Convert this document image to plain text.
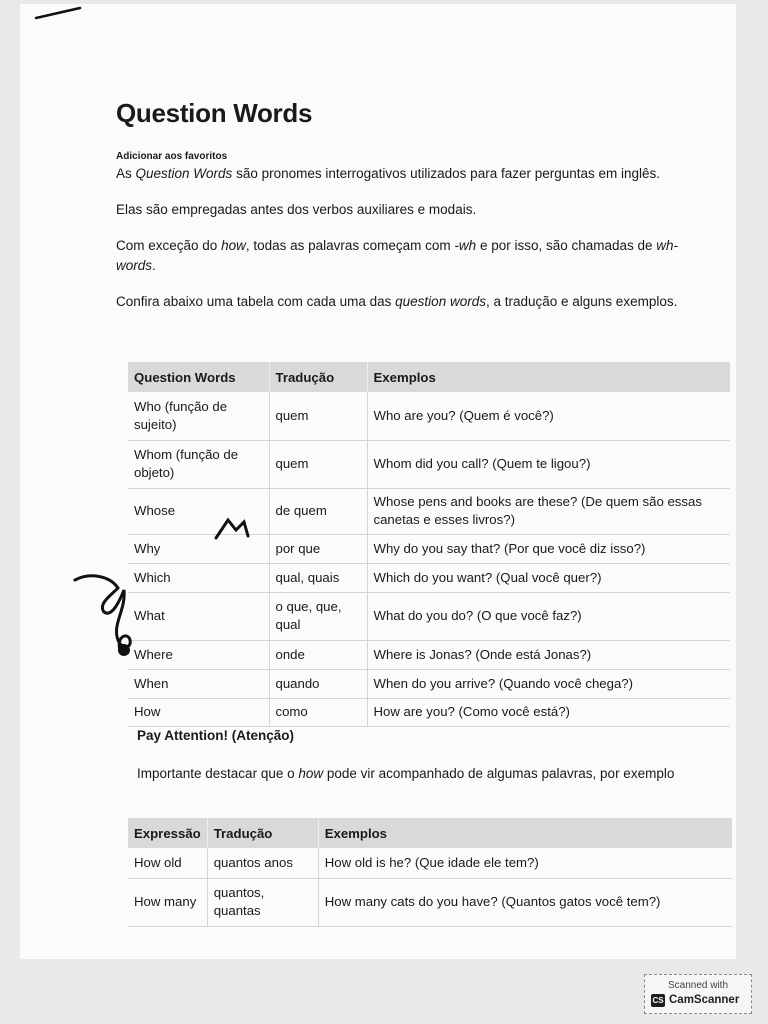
Question Words
Adicionar aos favoritos

As Question Words são pronomes interrogativos utilizados para fazer perguntas em inglês.

Elas são empregadas antes dos verbos auxiliares e modais.

Com exceção do how, todas as palavras começam com -wh e por isso, são chamadas de wh-words.

Confira abaixo uma tabela com cada uma das question words, a tradução e alguns exemplos.

Question Words	Tradução	Exemplos
Who (função de sujeito)	quem	Who are you? (Quem é você?)
Whom (função de objeto)	quem	Whom did you call? (Quem te ligou?)
Whose	de quem	Whose pens and books are these? (De quem são essas canetas e esses livros?)
Why	por que	Why do you say that? (Por que você diz isso?)
Which	qual, quais	Which do you want? (Qual você quer?)
What	o que, que, qual	What do you do? (O que você faz?)
Where	onde	Where is Jonas? (Onde está Jonas?)
When	quando	When do you arrive? (Quando você chega?)
How	como	How are you? (Como você está?)
Pay Attention! (Atenção)

Importante destacar que o how pode vir acompanhado de algumas palavras, por exemplo

Expressão	Tradução	Exemplos
How old	quantos anos	How old is he? (Que idade ele tem?)
How many	quantos, quantas	How many cats do you have? (Quantos gatos você tem?)
Scanned with
CS CamScanner
